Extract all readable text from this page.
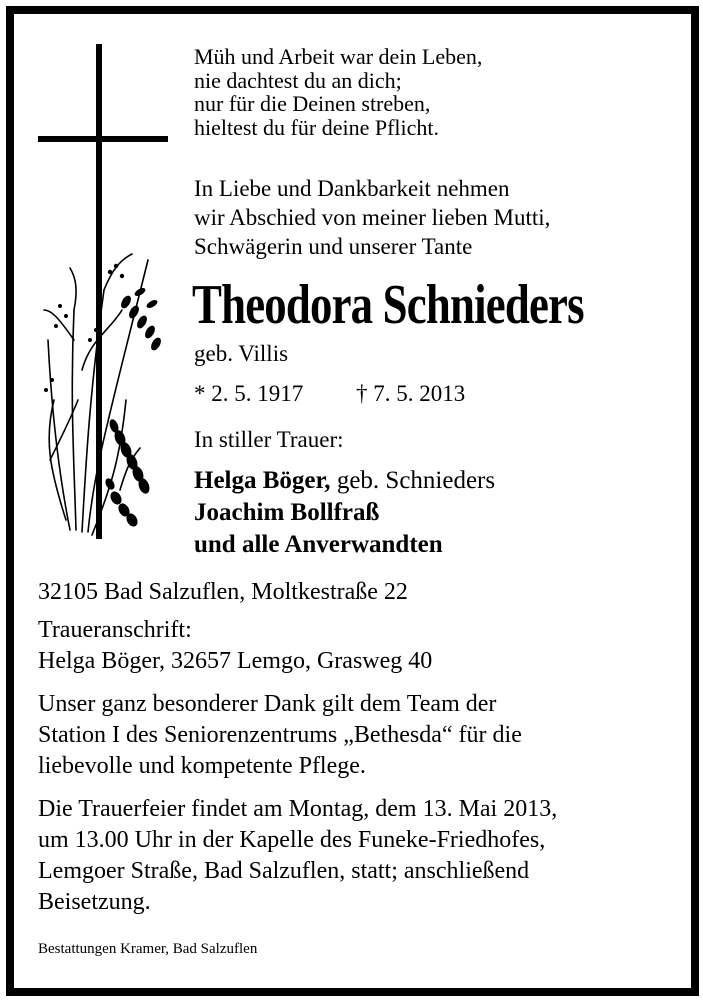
Müh und Arbeit war dein Leben,
nie dachtest du an dich;
nur für die Deinen streben,
hieltest du für deine Pflicht.
In Liebe und Dankbarkeit nehmen
wir Abschied von meiner lieben Mutti,
Schwägerin und unserer Tante
Theodora Schnieders
geb. Villis
* 2. 5. 1917 † 7. 5. 2013
In stiller Trauer:
Helga Böger, geb. Schnieders
Joachim Bollfraß
und alle Anverwandten
32105 Bad Salzuflen, Moltkestraße 22
Traueranschrift:
Helga Böger, 32657 Lemgo, Grasweg 40
Unser ganz besonderer Dank gilt dem Team der
Station I des Seniorenzentrums „Bethesda“ für die
liebevolle und kompetente Pflege.
Die Trauerfeier findet am Montag, dem 13. Mai 2013,
um 13.00 Uhr in der Kapelle des Funeke-Friedhofes,
Lemgoer Straße, Bad Salzuflen, statt; anschließend
Beisetzung.
Bestattungen Kramer, Bad Salzuflen
